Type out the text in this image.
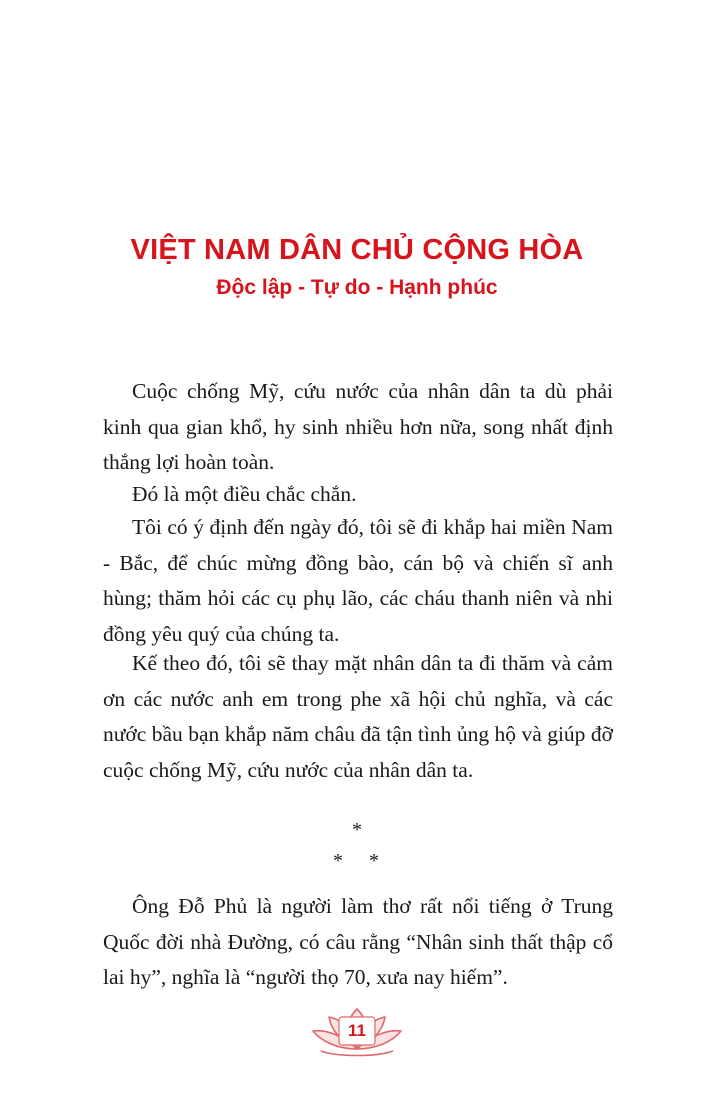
VIỆT NAM DÂN CHỦ CỘNG HÒA
Độc lập - Tự do - Hạnh phúc

Cuộc chống Mỹ, cứu nước của nhân dân ta dù phải kinh qua gian khổ, hy sinh nhiều hơn nữa, song nhất định thắng lợi hoàn toàn.

Đó là một điều chắc chắn.

Tôi có ý định đến ngày đó, tôi sẽ đi khắp hai miền Nam - Bắc, để chúc mừng đồng bào, cán bộ và chiến sĩ anh hùng; thăm hỏi các cụ phụ lão, các cháu thanh niên và nhi đồng yêu quý của chúng ta.

Kế theo đó, tôi sẽ thay mặt nhân dân ta đi thăm và cảm ơn các nước anh em trong phe xã hội chủ nghĩa, và các nước bầu bạn khắp năm châu đã tận tình ủng hộ và giúp đỡ cuộc chống Mỹ, cứu nước của nhân dân ta.

*
* *

Ông Đỗ Phủ là người làm thơ rất nổi tiếng ở Trung Quốc đời nhà Đường, có câu rằng “Nhân sinh thất thập cổ lai hy”, nghĩa là “người thọ 70, xưa nay hiếm”.

11
